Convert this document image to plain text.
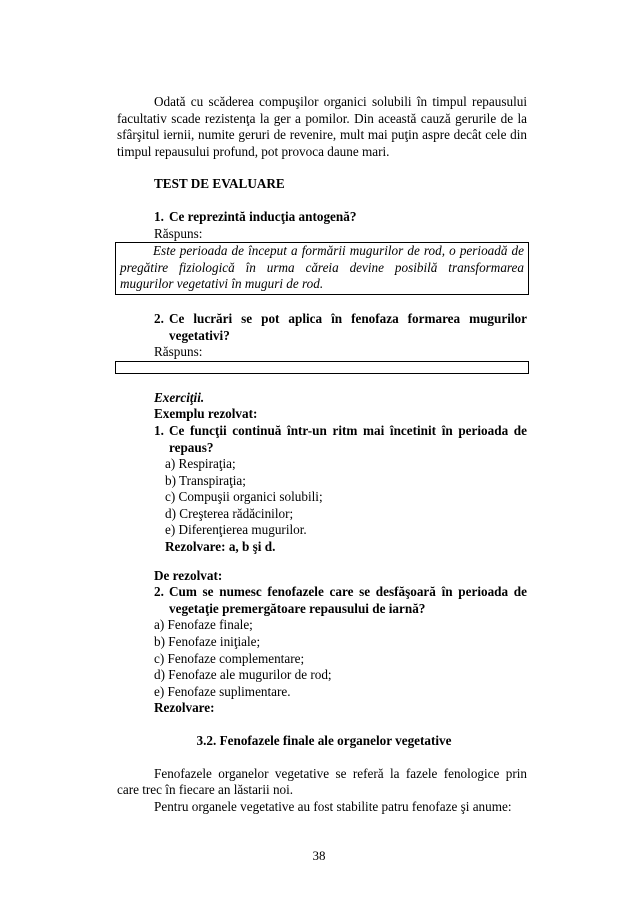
Odată cu scăderea compuşilor organici solubili în timpul repausului facultativ scade rezistenţa la ger a pomilor. Din această cauză gerurile de la sfârşitul iernii, numite geruri de revenire, mult mai puţin aspre decât cele din timpul repausului profund, pot provoca daune mari.

TEST DE EVALUARE

1. Ce reprezintă inducţia antogenă?

Răspuns:

Este perioada de început a formării mugurilor de rod, o perioadă de pregătire fiziologică în urma căreia devine posibilă transformarea mugurilor vegetativi în muguri de rod.

2. Ce lucrări se pot aplica în fenofaza formarea mugurilor vegetativi?

Răspuns:

Exerciţii.

Exemplu rezolvat:

1. Ce funcţii continuă într-un ritm mai încetinit în perioada de repaus?

a) Respiraţia;

b) Transpiraţia;

c) Compuşii organici solubili;

d) Creşterea rădăcinilor;

e) Diferenţierea mugurilor.

Rezolvare: a, b şi d.

De rezolvat:

2. Cum se numesc fenofazele care se desfăşoară în perioada de vegetaţie premergătoare repausului de iarnă?

a) Fenofaze finale;

b) Fenofaze iniţiale;

c) Fenofaze complementare;

d) Fenofaze ale mugurilor de rod;

e) Fenofaze suplimentare.

Rezolvare:

3.2. Fenofazele finale ale organelor vegetative

Fenofazele organelor vegetative se referă la fazele fenologice prin care trec în fiecare an lăstarii noi.

Pentru organele vegetative au fost stabilite patru fenofaze şi anume:

38
